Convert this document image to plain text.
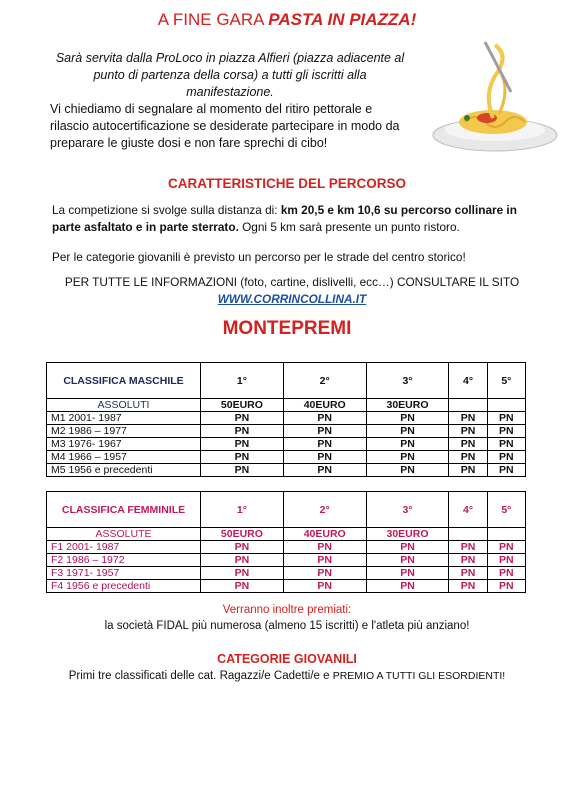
A FINE GARA PASTA IN PIAZZA!
Sarà servita dalla ProLoco in piazza Alfieri (piazza adiacente al punto di partenza della corsa) a tutti gli iscritti alla manifestazione.
Vi chiediamo di segnalare al momento del ritiro pettorale e rilascio autocertificazione se desiderate partecipare in modo da preparare le giuste dosi e non fare sprechi di cibo!
CARATTERISTICHE DEL PERCORSO
La competizione si svolge sulla distanza di: km 20,5 e km 10,6 su percorso collinare in parte asfaltato e in parte sterrato. Ogni 5 km sarà presente un punto ristoro.
Per le categorie giovanili è previsto un percorso per le strade del centro storico!
PER TUTTE LE INFORMAZIONI (foto, cartine, dislivelli, ecc…) CONSULTARE IL SITO
WWW.CORRINCOLLINA.IT
MONTEPREMI
CLASSIFICA MASCHILE	1°	2°	3°	4°	5°
ASSOLUTI	50EURO	40EURO	30EURO		
M1 2001- 1987	PN	PN	PN	PN	PN
M2 1986 – 1977	PN	PN	PN	PN	PN
M3 1976- 1967	PN	PN	PN	PN	PN
M4 1966 – 1957	PN	PN	PN	PN	PN
M5 1956 e precedenti	PN	PN	PN	PN	PN
CLASSIFICA FEMMINILE	1°	2°	3°	4°	5°
ASSOLUTE	50EURO	40EURO	30EURO		
F1 2001- 1987	PN	PN	PN	PN	PN
F2 1986 – 1972	PN	PN	PN	PN	PN
F3 1971- 1957	PN	PN	PN	PN	PN
F4 1956 e precedenti	PN	PN	PN	PN	PN
Verranno inoltre premiati:
la società FIDAL più numerosa (almeno 15 iscritti) e l'atleta più anziano!
CATEGORIE GIOVANILI
Primi tre classificati delle cat. Ragazzi/e Cadetti/e e PREMIO A TUTTI GLI ESORDIENTI!
